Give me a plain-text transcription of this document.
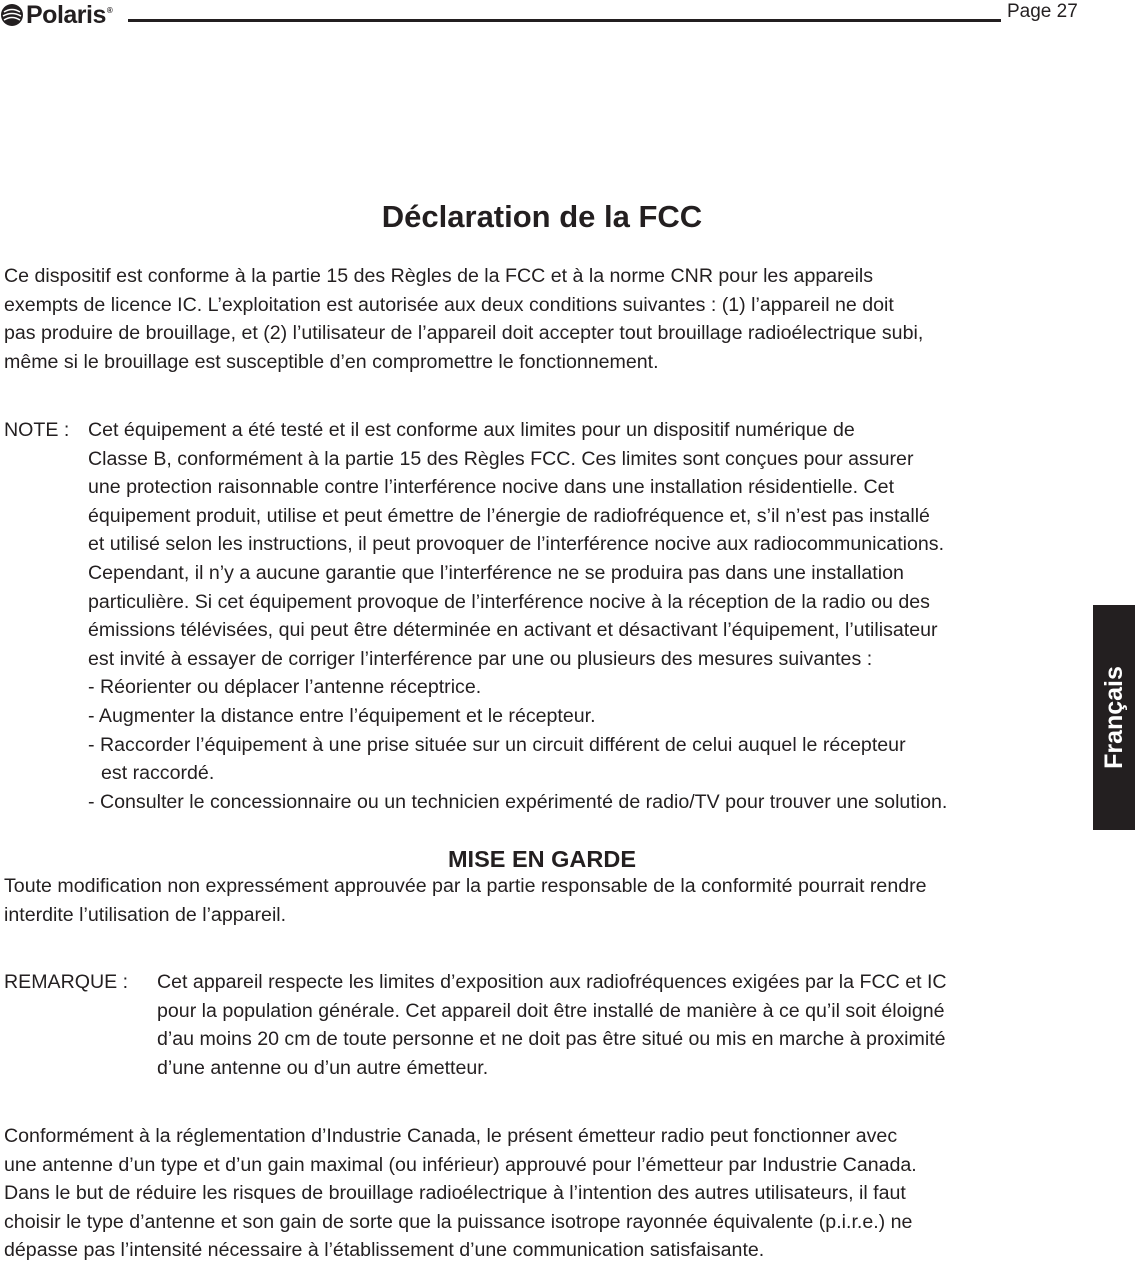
Polaris®	Page 27
Déclaration de la FCC
Ce dispositif est conforme à la partie 15 des Règles de la FCC et à la norme CNR pour les appareils
exempts de licence IC. L’exploitation est autorisée aux deux conditions suivantes : (1) l’appareil ne doit
pas produire de brouillage, et (2) l’utilisateur de l’appareil doit accepter tout brouillage radioélectrique subi,
même si le brouillage est susceptible d’en compromettre le fonctionnement.
NOTE : Cet équipement a été testé et il est conforme aux limites pour un dispositif numérique de
Classe B, conformément à la partie 15 des Règles FCC. Ces limites sont conçues pour assurer
une protection raisonnable contre l’interférence nocive dans une installation résidentielle. Cet
équipement produit, utilise et peut émettre de l’énergie de radiofréquence et, s’il n’est pas installé
et utilisé selon les instructions, il peut provoquer de l’interférence nocive aux radiocommunications.
Cependant, il n’y a aucune garantie que l’interférence ne se produira pas dans une installation
particulière. Si cet équipement provoque de l’interférence nocive à la réception de la radio ou des
émissions télévisées, qui peut être déterminée en activant et désactivant l’équipement, l’utilisateur
est invité à essayer de corriger l’interférence par une ou plusieurs des mesures suivantes :
- Réorienter ou déplacer l’antenne réceptrice.
- Augmenter la distance entre l’équipement et le récepteur.
- Raccorder l’équipement à une prise située sur un circuit différent de celui auquel le récepteur
est raccordé.
- Consulter le concessionnaire ou un technicien expérimenté de radio/TV pour trouver une solution.
MISE EN GARDE
Toute modification non expressément approuvée par la partie responsable de la conformité pourrait rendre
interdite l’utilisation de l’appareil.
REMARQUE : Cet appareil respecte les limites d’exposition aux radiofréquences exigées par la FCC et IC
pour la population générale. Cet appareil doit être installé de manière à ce qu’il soit éloigné
d’au moins 20 cm de toute personne et ne doit pas être situé ou mis en marche à proximité
d’une antenne ou d’un autre émetteur.
Conformément à la réglementation d’Industrie Canada, le présent émetteur radio peut fonctionner avec
une antenne d’un type et d’un gain maximal (ou inférieur) approuvé pour l’émetteur par Industrie Canada.
Dans le but de réduire les risques de brouillage radioélectrique à l’intention des autres utilisateurs, il faut
choisir le type d’antenne et son gain de sorte que la puissance isotrope rayonnée équivalente (p.i.r.e.) ne
dépasse pas l’intensité nécessaire à l’établissement d’une communication satisfaisante.
Français
